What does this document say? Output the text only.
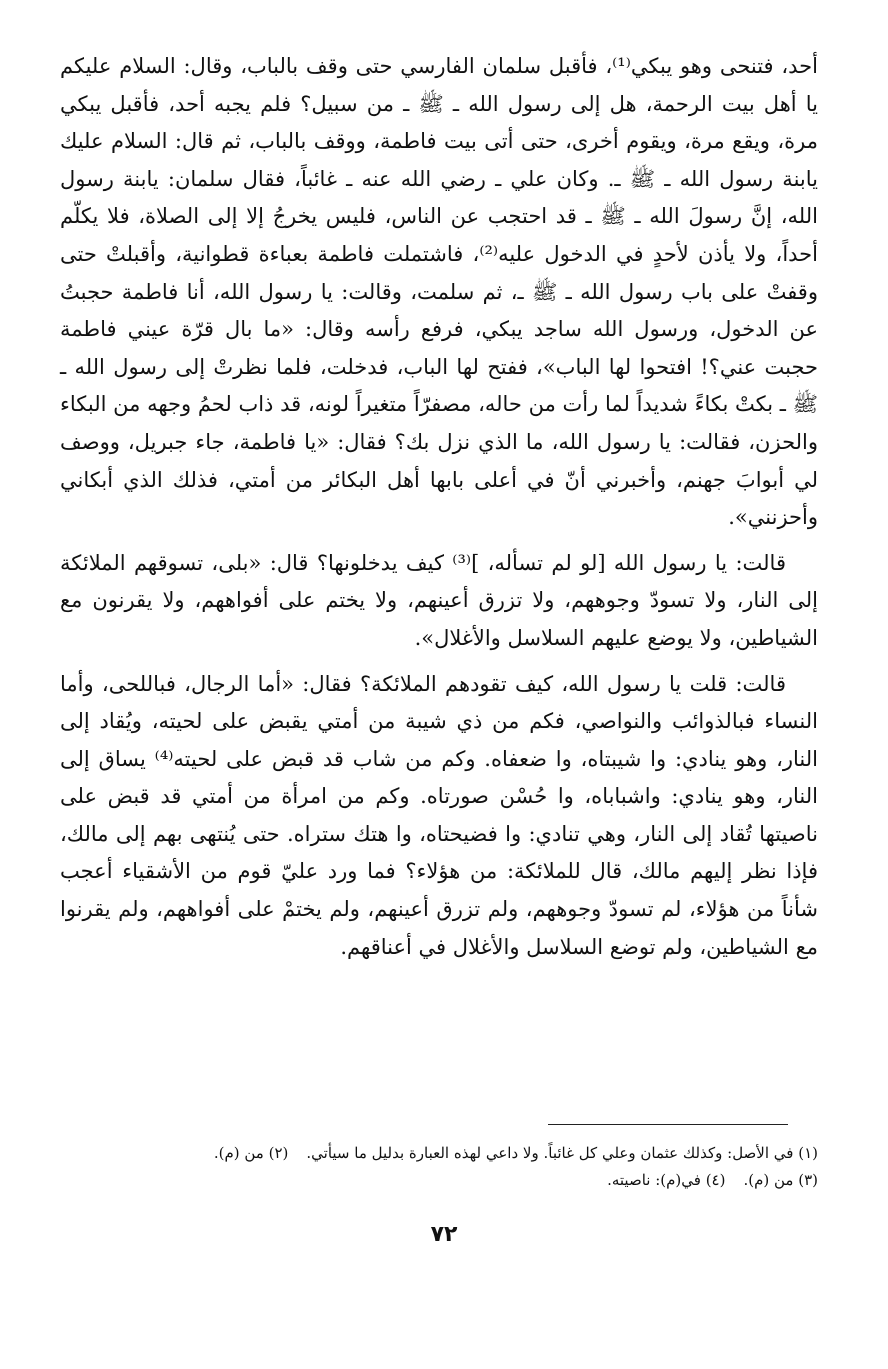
أحد، فتنحى وهو يبكي⁽¹⁾، فأقبل سلمان الفارسي حتى وقف بالباب، وقال: السلام عليكم يا أهل بيت الرحمة، هل إلى رسول الله ـ ﷺ ـ من سبيل؟ فلم يجبه أحد، فأقبل يبكي مرة، ويقع مرة، ويقوم أخرى، حتى أتى بيت فاطمة، ووقف بالباب، ثم قال: السلام عليك يابنة رسول الله ـ ﷺ ـ. وكان علي ـ رضي الله عنه ـ غائباً، فقال سلمان: يابنة رسول الله، إنَّ رسولَ الله ـ ﷺ ـ قد احتجب عن الناس، فليس يخرجُ إلا إلى الصلاة، فلا يكلّم أحداً، ولا يأذن لأحدٍ في الدخول عليه⁽²⁾، فاشتملت فاطمة بعباءة قطوانية، وأقبلتْ حتى وقفتْ على باب رسول الله ـ ﷺ ـ، ثم سلمت، وقالت: يا رسول الله، أنا فاطمة حجبتُ عن الدخول، ورسول الله ساجد يبكي، فرفع رأسه وقال: «ما بال قرّة عيني فاطمة حجبت عني؟! افتحوا لها الباب»، ففتح لها الباب، فدخلت، فلما نظرتْ إلى رسول الله ـ ﷺ ـ بكتْ بكاءً شديداً لما رأت من حاله، مصفرّاً متغيراً لونه، قد ذاب لحمُ وجهه من البكاء والحزن، فقالت: يا رسول الله، ما الذي نزل بك؟ فقال: «يا فاطمة، جاء جبريل، ووصف لي أبوابَ جهنم، وأخبرني أنّ في أعلى بابها أهل البكائر من أمتي، فذلك الذي أبكاني وأحزنني».

قالت: يا رسول الله [لو لم تسأله، ]⁽³⁾ كيف يدخلونها؟ قال: «بلى، تسوقهم الملائكة إلى النار، ولا تسودّ وجوههم، ولا تزرق أعينهم، ولا يختم على أفواههم، ولا يقرنون مع الشياطين، ولا يوضع عليهم السلاسل والأغلال».

قالت: قلت يا رسول الله، كيف تقودهم الملائكة؟ فقال: «أما الرجال، فباللحى، وأما النساء فبالذوائب والنواصي، فكم من ذي شيبة من أمتي يقبض على لحيته، ويُقاد إلى النار، وهو ينادي: وا شيبتاه، وا ضعفاه. وكم من شاب قد قبض على لحيته⁽⁴⁾ يساق إلى النار، وهو ينادي: واشباباه، وا حُسْن صورتاه. وكم من امرأة من أمتي قد قبض على ناصيتها تُقاد إلى النار، وهي تنادي: وا فضيحتاه، وا هتك ستراه. حتى يُنتهى بهم إلى مالك، فإذا نظر إليهم مالك، قال للملائكة: من هؤلاء؟ فما ورد عليّ قوم من الأشقياء أعجب شأناً من هؤلاء، لم تسودّ وجوههم، ولم تزرق أعينهم، ولم يختمْ على أفواههم، ولم يقرنوا مع الشياطين، ولم توضع السلاسل والأغلال في أعناقهم.

(١) في الأصل: وكذلك عثمان وعلي كل غائباً. ولا داعي لهذه العبارة بدليل ما سيأتي.(٢) من (م).

(٣) من (م).(٤) في(م): ناصيته.

٧٢
